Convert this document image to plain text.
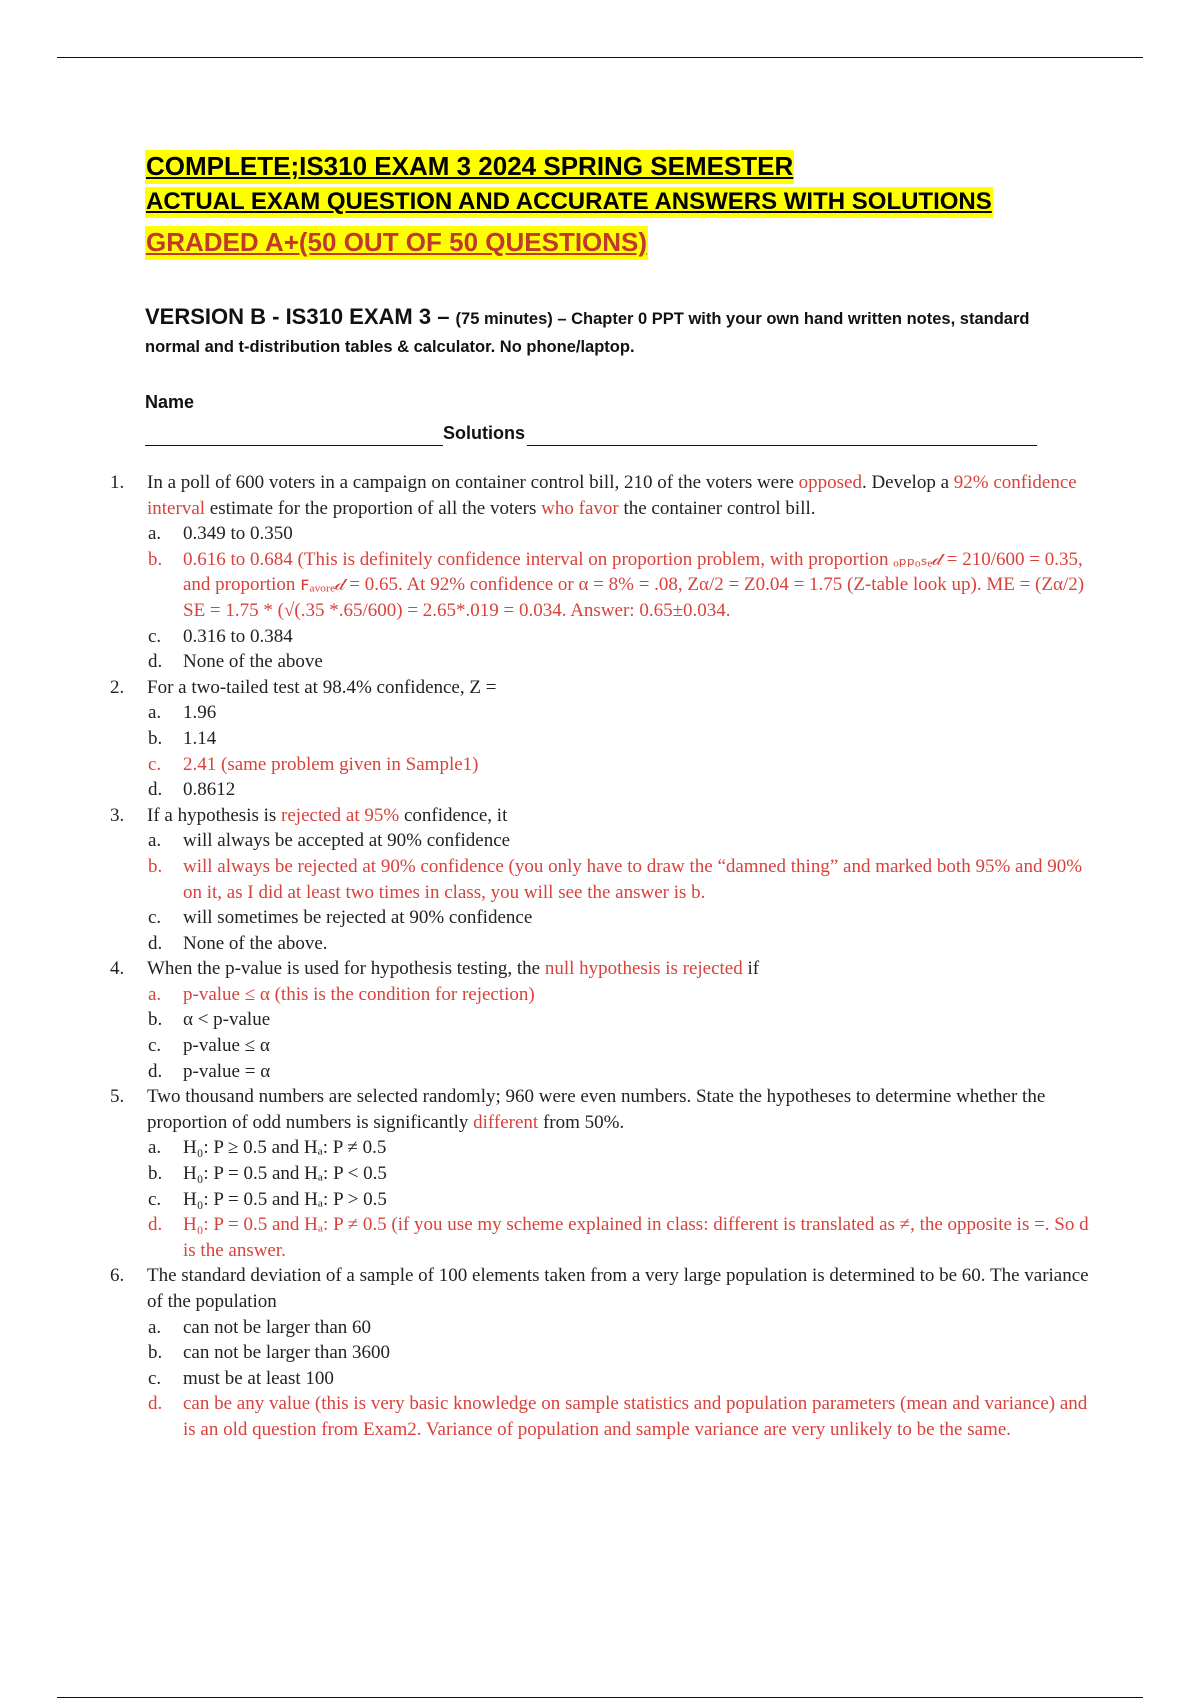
COMPLETE;IS310 EXAM 3 2024 SPRING SEMESTER
ACTUAL EXAM QUESTION AND ACCURATE ANSWERS WITH SOLUTIONS
GRADED A+(50 OUT OF 50 QUESTIONS)
VERSION B - IS310 EXAM 3 – (75 minutes) – Chapter 0 PPT with your own hand written notes, standard normal and t-distribution tables & calculator. No phone/laptop.
Name
Solutions
1. In a poll of 600 voters in a campaign on container control bill, 210 of the voters were opposed. Develop a 92% confidence interval estimate for the proportion of all the voters who favor the container control bill.
a.	0.349 to 0.350
b.	0.616 to 0.684 (This is definitely confidence interval on proportion problem, with proportion ₒₚₚₒₛₑ𝒹 = 210/600 = 0.35, and proportion ꜰₐᵥₒᵣₑ𝒹 = 0.65. At 92% confidence or α = 8% = .08, Zα/2 = Z0.04 = 1.75 (Z-table look up). ME = (Zα/2) SE = 1.75 * (√(.35 *.65/600) = 2.65*.019 = 0.034. Answer: 0.65±0.034.
c.	0.316 to 0.384
d.	None of the above
2. For a two-tailed test at 98.4% confidence, Z =
a.	1.96
b.	1.14
c.	2.41 (same problem given in Sample1)
d.	0.8612
3. If a hypothesis is rejected at 95% confidence, it
a.	will always be accepted at 90% confidence
b.	will always be rejected at 90% confidence (you only have to draw the “damned thing” and marked both 95% and 90% on it, as I did at least two times in class, you will see the answer is b.
c.	will sometimes be rejected at 90% confidence
d.	None of the above.
4. When the p-value is used for hypothesis testing, the null hypothesis is rejected if
a.	p-value ≤ α (this is the condition for rejection)
b.	α < p-value
c.	p-value ≤ α
d.	p-value = α
5. Two thousand numbers are selected randomly; 960 were even numbers. State the hypotheses to determine whether the proportion of odd numbers is significantly different from 50%.
a.	H₀: P ≥ 0.5 and Hₐ: P ≠ 0.5
b.	H₀: P = 0.5 and Hₐ: P < 0.5
c.	H₀: P = 0.5 and Hₐ: P > 0.5
d.	H₀: P = 0.5 and Hₐ: P ≠ 0.5 (if you use my scheme explained in class: different is translated as ≠, the opposite is =. So d is the answer.
6. The standard deviation of a sample of 100 elements taken from a very large population is determined to be 60. The variance of the population
a.	can not be larger than 60
b.	can not be larger than 3600
c.	must be at least 100
d.	can be any value (this is very basic knowledge on sample statistics and population parameters (mean and variance) and is an old question from Exam2. Variance of population and sample variance are very unlikely to be the same.
